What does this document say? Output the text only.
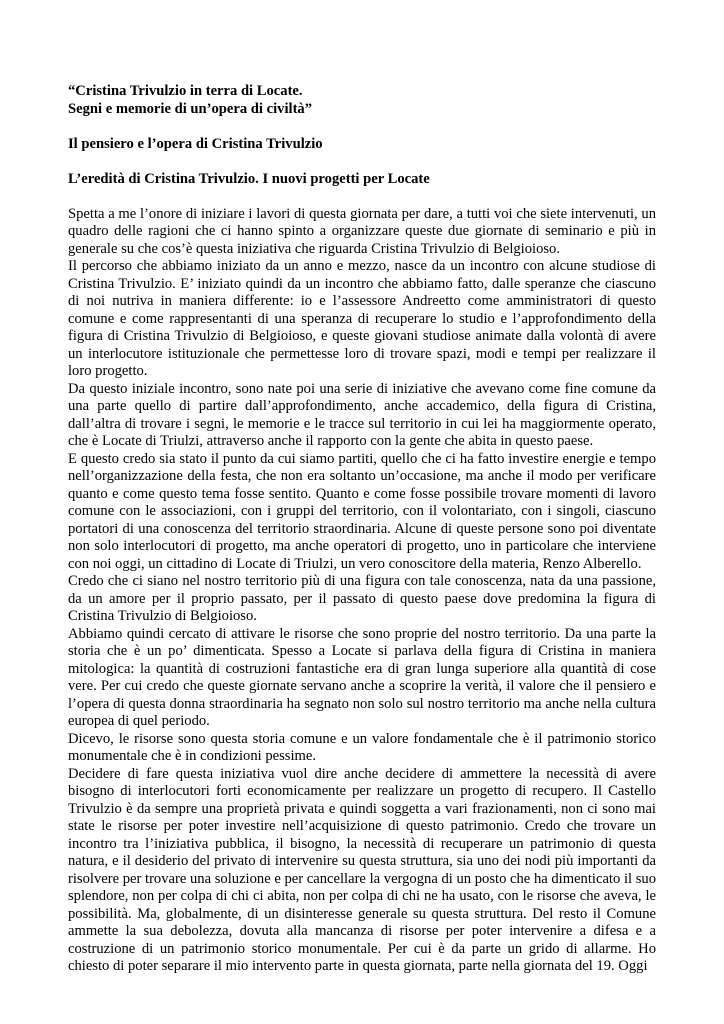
“Cristina Trivulzio in terra di Locate.

Segni e memorie di un’opera di civiltà”

Il pensiero e l’opera di Cristina Trivulzio

L’eredità di Cristina Trivulzio. I nuovi progetti per Locate

Spetta a me l’onore di iniziare i lavori di questa giornata per dare, a tutti voi che siete intervenuti, un quadro delle ragioni che ci hanno spinto a organizzare queste due giornate di seminario e più in generale su che cos’è questa iniziativa che riguarda Cristina Trivulzio di Belgioioso.

Il percorso che abbiamo iniziato da un anno e mezzo, nasce da un incontro con alcune studiose di Cristina Trivulzio. E’ iniziato quindi da un incontro che abbiamo fatto, dalle speranze che ciascuno di noi nutriva in maniera differente: io e l’assessore Andreetto come amministratori di questo comune e come rappresentanti di una speranza di recuperare lo studio e l’approfondimento della figura di Cristina Trivulzio di Belgioioso, e queste giovani studiose animate dalla volontà di avere un interlocutore istituzionale che permettesse loro di trovare spazi, modi e tempi per realizzare il loro progetto.

Da questo iniziale incontro, sono nate poi una serie di iniziative che avevano come fine comune da una parte quello di partire dall’approfondimento, anche accademico, della figura di Cristina, dall’altra di trovare i segni, le memorie e le tracce sul territorio in cui lei ha maggiormente operato, che è Locate di Triulzi, attraverso anche il rapporto con la gente che abita in questo paese.

E questo credo sia stato il punto da cui siamo partiti, quello che ci ha fatto investire energie e tempo nell’organizzazione della festa, che non era soltanto un’occasione, ma anche il modo per verificare quanto e come questo tema fosse sentito. Quanto e come fosse possibile trovare momenti di lavoro comune con le associazioni, con i gruppi del territorio, con il volontariato, con i singoli, ciascuno portatori di una conoscenza del territorio straordinaria. Alcune di queste persone sono poi diventate non solo interlocutori di progetto, ma anche operatori di progetto, uno in particolare che interviene con noi oggi, un cittadino di Locate di Triulzi, un vero conoscitore della materia, Renzo Alberello.

Credo che ci siano nel nostro territorio più di una figura con tale conoscenza, nata da una passione, da un amore per il proprio passato, per il passato di questo paese dove predomina la figura di Cristina Trivulzio di Belgioioso.

Abbiamo quindi cercato di attivare le risorse che sono proprie del nostro territorio. Da una parte la storia che è un po’ dimenticata. Spesso a Locate si parlava della figura di Cristina in maniera mitologica: la quantità di costruzioni fantastiche era di gran lunga superiore alla quantità di cose vere. Per cui credo che queste giornate servano anche a scoprire la verità, il valore che il pensiero e l’opera di questa donna straordinaria ha segnato non solo sul nostro territorio ma anche nella cultura europea di quel periodo.

Dicevo, le risorse sono questa storia comune e un valore fondamentale che è il patrimonio storico monumentale che è in condizioni pessime.

Decidere di fare questa iniziativa vuol dire anche decidere di ammettere la necessità di avere bisogno di interlocutori forti economicamente per realizzare un progetto di recupero. Il Castello Trivulzio è da sempre una proprietà privata e quindi soggetta a vari frazionamenti, non ci sono mai state le risorse per poter investire nell’acquisizione di questo patrimonio. Credo che trovare un incontro tra l’iniziativa pubblica, il bisogno, la necessità di recuperare un patrimonio di questa natura, e il desiderio del privato di intervenire su questa struttura, sia uno dei nodi più importanti da risolvere per trovare una soluzione e per cancellare la vergogna di un posto che ha dimenticato il suo splendore, non per colpa di chi ci abita, non per colpa di chi ne ha usato, con le risorse che aveva, le possibilità. Ma, globalmente, di un disinteresse generale su questa struttura. Del resto il Comune ammette la sua debolezza, dovuta alla mancanza di risorse per poter intervenire a difesa e a costruzione di un patrimonio storico monumentale. Per cui è da parte un grido di allarme. Ho chiesto di poter separare il mio intervento parte in questa giornata, parte nella giornata del 19. Oggi
